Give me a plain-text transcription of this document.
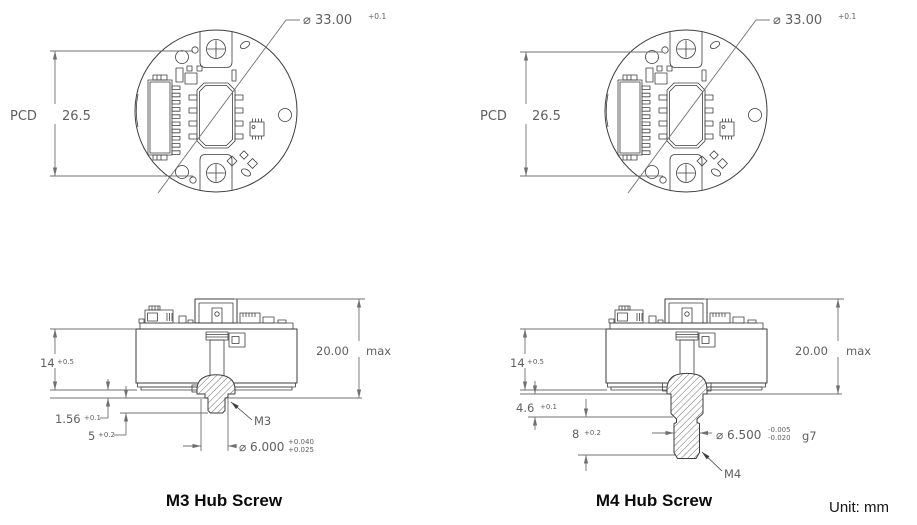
⌀ 33.00 +0.1
PCD 26.5
⌀ 33.00 +0.1
PCD 26.5
14 +0.5
20.00 max
1.56 +0.1
5 +0.2
⌀ 6.000 +0.040
+0.025
M3
14 +0.5
20.00 max
4.6 +0.1
8 +0.2	⌀ 6.500 -0.005
-0.020 g7
M4
M3 Hub Screw	M4 Hub Screw	Unit: mm
